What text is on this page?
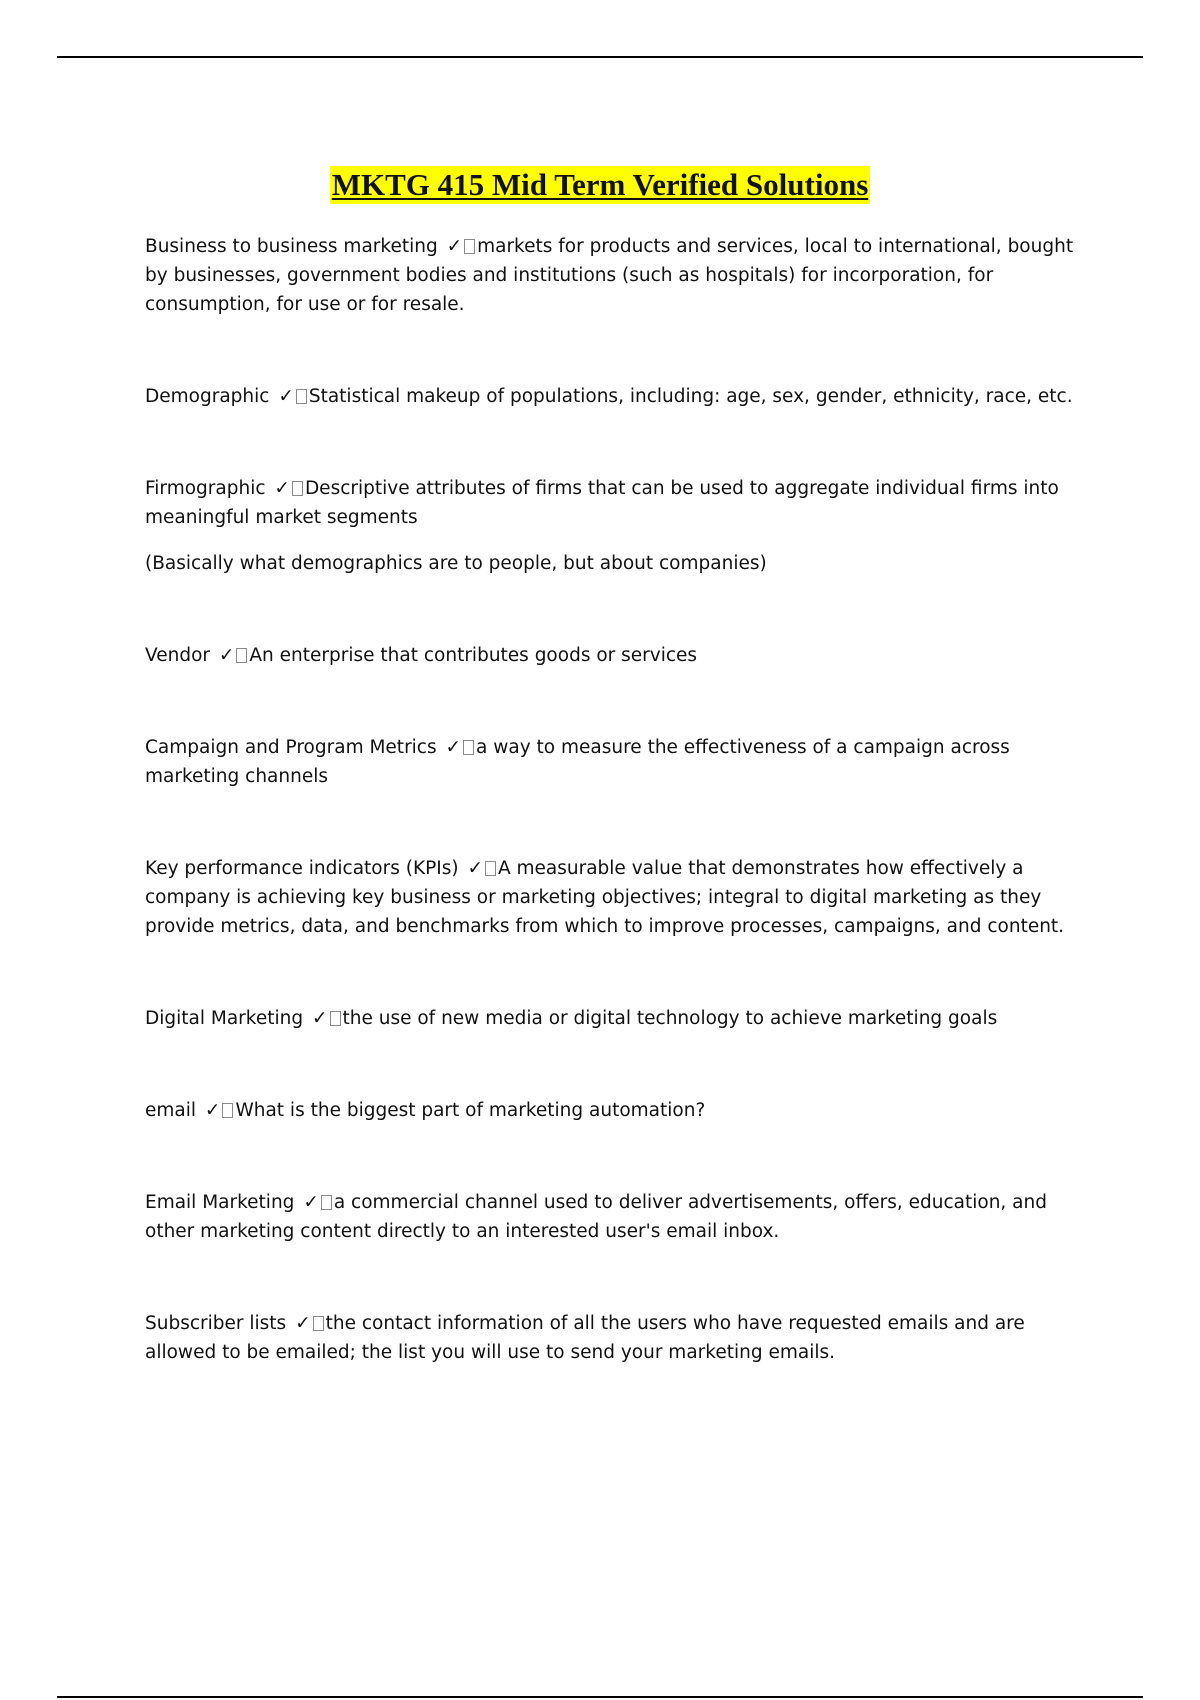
MKTG 415 Mid Term Verified Solutions

Business to business marketing ✓ markets for products and services, local to international, bought by businesses, government bodies and institutions (such as hospitals) for incorporation, for consumption, for use or for resale.

Demographic ✓ Statistical makeup of populations, including: age, sex, gender, ethnicity, race, etc.

Firmographic ✓ Descriptive attributes of firms that can be used to aggregate individual firms into meaningful market segments

(Basically what demographics are to people, but about companies)

Vendor ✓ An enterprise that contributes goods or services

Campaign and Program Metrics ✓ a way to measure the effectiveness of a campaign across marketing channels

Key performance indicators (KPIs) ✓ A measurable value that demonstrates how effectively a company is achieving key business or marketing objectives; integral to digital marketing as they provide metrics, data, and benchmarks from which to improve processes, campaigns, and content.

Digital Marketing ✓ the use of new media or digital technology to achieve marketing goals

email ✓ What is the biggest part of marketing automation?

Email Marketing ✓ a commercial channel used to deliver advertisements, offers, education, and other marketing content directly to an interested user's email inbox.

Subscriber lists ✓ the contact information of all the users who have requested emails and are allowed to be emailed; the list you will use to send your marketing emails.
